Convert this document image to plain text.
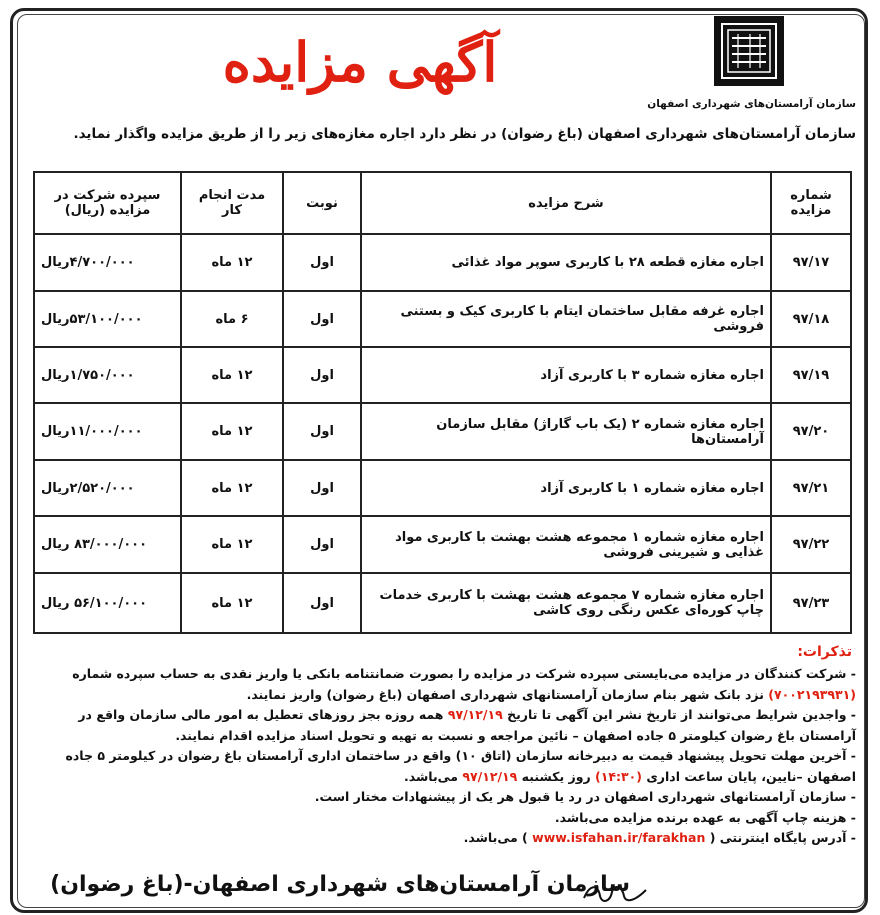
سازمان آرامستان‌های شهرداری اصفهان
آگهی مزایده
سازمان آرامستان‌های شهرداری اصفهان (باغ رضوان) در نظر دارد اجاره مغازه‌های زیر را از طریق مزایده واگذار نماید.
شماره مزایده	شرح مزایده	نوبت	مدت انجام کار	سپرده شرکت در مزایده (ریال)
۹۷/۱۷	اجاره مغازه قطعه ۲۸ با کاربری سوپر مواد غذائی	اول	۱۲ ماه	۴/۷۰۰/۰۰۰ریال
۹۷/۱۸	اجاره غرفه مقابل ساختمان ایتام با کاربری کیک و بستنی فروشی	اول	۶ ماه	۵۳/۱۰۰/۰۰۰ریال
۹۷/۱۹	اجاره مغازه شماره ۳ با کاربری آزاد	اول	۱۲ ماه	۱/۷۵۰/۰۰۰ریال
۹۷/۲۰	اجاره مغازه شماره ۲ (یک باب گاراژ) مقابل سازمان آرامستان‌ها	اول	۱۲ ماه	۱۱/۰۰۰/۰۰۰ریال
۹۷/۲۱	اجاره مغازه شماره ۱ با کاربری آزاد	اول	۱۲ ماه	۲/۵۲۰/۰۰۰ریال
۹۷/۲۲	اجاره مغازه شماره ۱ مجموعه هشت بهشت با کاربری مواد غذایی و شیرینی فروشی	اول	۱۲ ماه	۸۳/۰۰۰/۰۰۰ ریال
۹۷/۲۳	اجاره مغازه شماره ۷ مجموعه هشت بهشت با کاربری خدمات چاپ کوره‌ای عکس رنگی روی کاشی	اول	۱۲ ماه	۵۶/۱۰۰/۰۰۰ ریال
تذکرات:

- شرکت کنندگان در مزایده می‌بایستی سپرده شرکت در مزایده را بصورت ضمانتنامه بانکی یا واریز نقدی به حساب سپرده شماره (۷۰۰۲۱۹۳۹۳۱) نزد بانک شهر بنام سازمان آرامستانهای شهرداری اصفهان (باغ رضوان) واریز نمایند.

- واجدین شرایط می‌توانند از تاریخ نشر این آگهی تا تاریخ ۹۷/۱۲/۱۹ همه روزه بجز روزهای تعطیل به امور مالی سازمان واقع در آرامستان باغ رضوان کیلومتر ۵ جاده اصفهان – نائین مراجعه و نسبت به تهیه و تحویل اسناد مزایده اقدام نمایند.

- آخرین مهلت تحویل پیشنهاد قیمت به دبیرخانه سازمان (اتاق ۱۰) واقع در ساختمان اداری آرامستان باغ رضوان در کیلومتر ۵ جاده اصفهان –نایین، پایان ساعت اداری (۱۴:۳۰) روز یکشنبه ۹۷/۱۲/۱۹ می‌باشد.

- سازمان آرامستانهای شهرداری اصفهان در رد یا قبول هر یک از پیشنهادات مختار است.

- هزینه چاپ آگهی به عهده برنده مزایده می‌باشد.

- آدرس پایگاه اینترنتی ( www.isfahan.ir/farakhan ) می‌باشد.

سازمان آرامستان‌های شهرداری اصفهان-(باغ رضوان)
